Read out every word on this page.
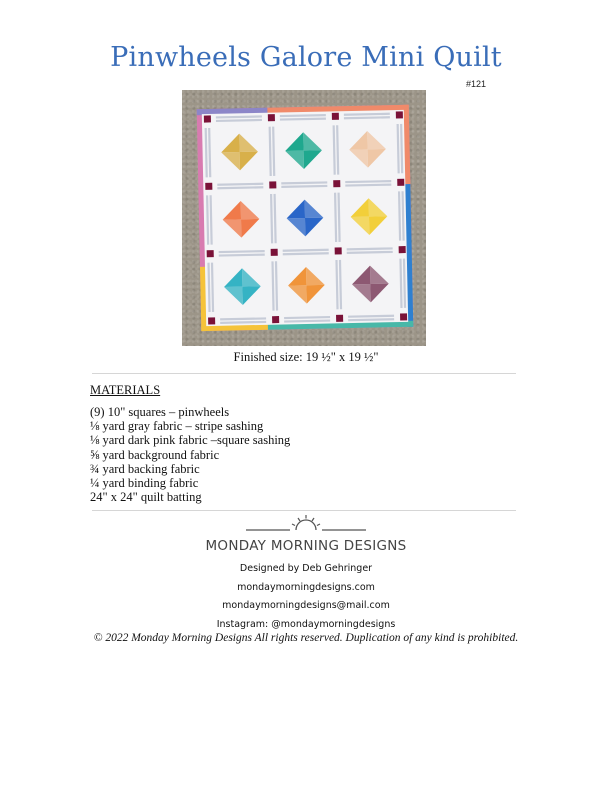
Pinwheels Galore Mini Quilt
#121
Finished size: 19 ½" x 19 ½"
MATERIALS
(9) 10" squares – pinwheels
⅛ yard gray fabric – stripe sashing
⅛ yard dark pink fabric –square sashing
⅝ yard background fabric
¾ yard backing fabric
¼ yard binding fabric
24" x 24" quilt batting
MONDAY MORNING DESIGNS
Designed by Deb Gehringer
mondaymorningdesigns.com
mondaymorningdesigns@mail.com
Instagram: @mondaymorningdesigns
© 2022 Monday Morning Designs All rights reserved. Duplication of any kind is prohibited.
